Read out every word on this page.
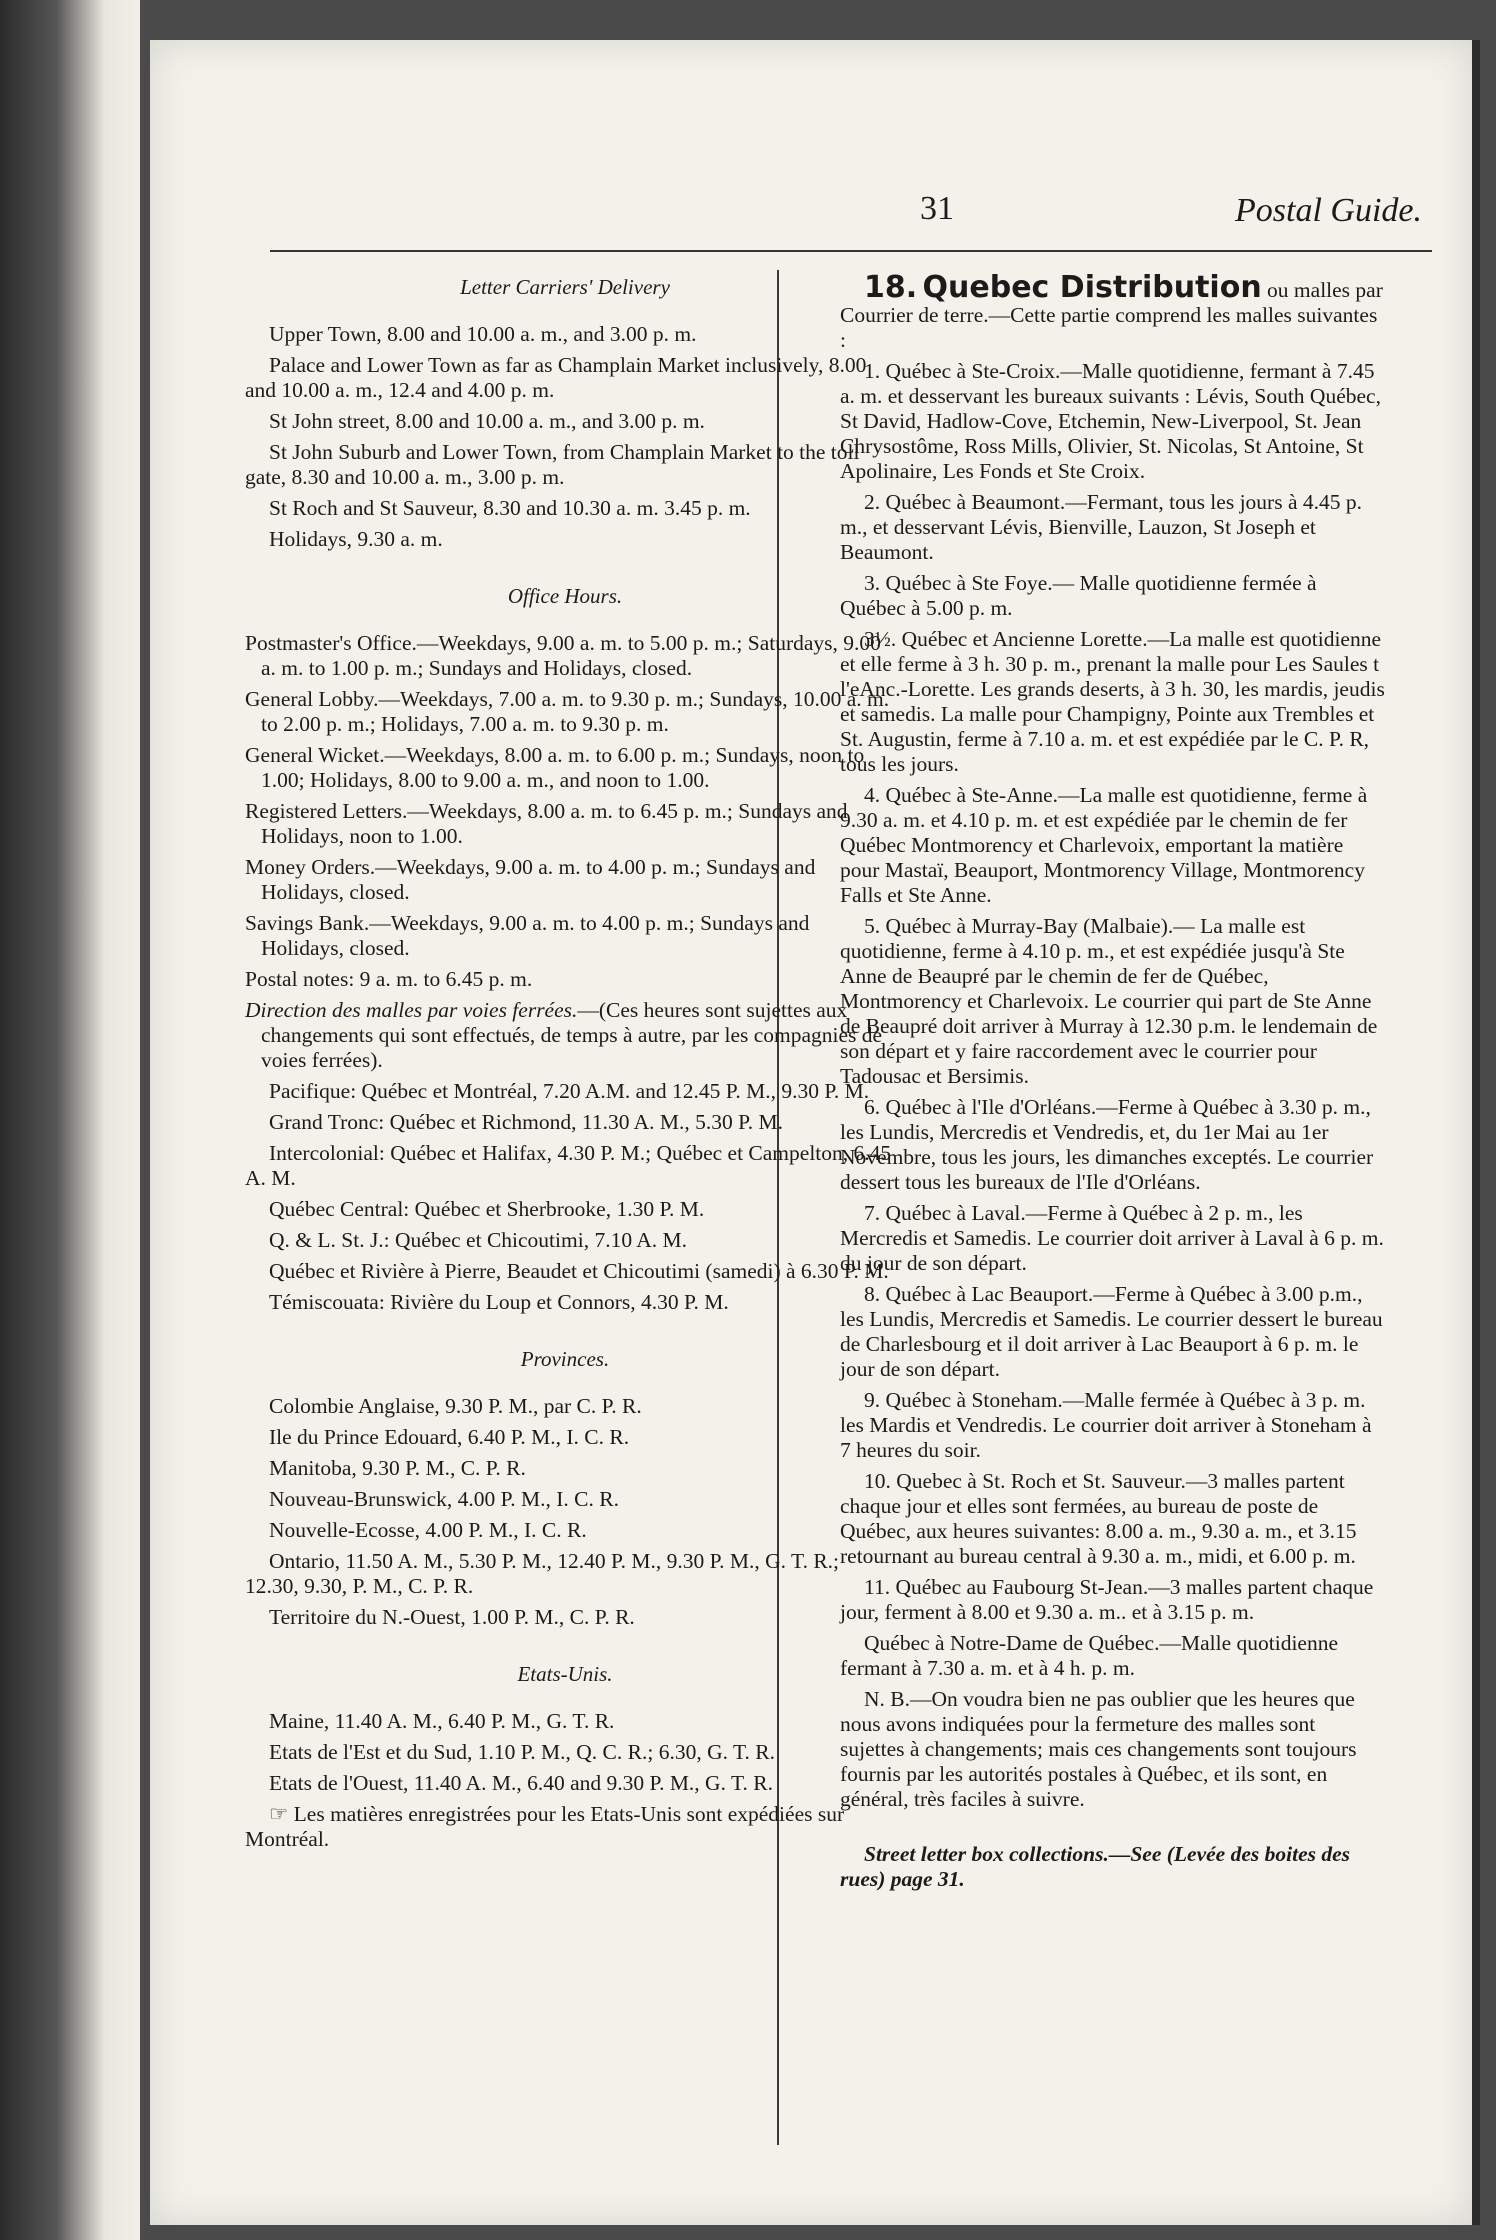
31	Postal Guide.
Letter Carriers' Delivery

Upper Town, 8.00 and 10.00 a. m., and 3.00 p. m.

Palace and Lower Town as far as Champlain Market inclusively, 8.00 and 10.00 a. m., 12.4 and 4.00 p. m.

St John street, 8.00 and 10.00 a. m., and 3.00 p. m.

St John Suburb and Lower Town, from Champlain Market to the toll gate, 8.30 and 10.00 a. m., 3.00 p. m.

St Roch and St Sauveur, 8.30 and 10.30 a. m. 3.45 p. m.

Holidays, 9.30 a. m.

Office Hours.

Postmaster's Office.—Weekdays, 9.00 a. m. to 5.00 p. m.; Saturdays, 9.00 a. m. to 1.00 p. m.; Sundays and Holidays, closed.

General Lobby.—Weekdays, 7.00 a. m. to 9.30 p. m.; Sundays, 10.00 a. m. to 2.00 p. m.; Holidays, 7.00 a. m. to 9.30 p. m.

General Wicket.—Weekdays, 8.00 a. m. to 6.00 p. m.; Sundays, noon to 1.00; Holidays, 8.00 to 9.00 a. m., and noon to 1.00.

Registered Letters.—Weekdays, 8.00 a. m. to 6.45 p. m.; Sundays and Holidays, noon to 1.00.

Money Orders.—Weekdays, 9.00 a. m. to 4.00 p. m.; Sundays and Holidays, closed.

Savings Bank.—Weekdays, 9.00 a. m. to 4.00 p. m.; Sundays and Holidays, closed.

Postal notes: 9 a. m. to 6.45 p. m.

Direction des malles par voies ferrées.—(Ces heures sont sujettes aux changements qui sont effectués, de temps à autre, par les compagnies de voies ferrées).

Pacifique: Québec et Montréal, 7.20 A.M. and 12.45 P. M., 9.30 P. M.

Grand Tronc: Québec et Richmond, 11.30 A. M., 5.30 P. M.

Intercolonial: Québec et Halifax, 4.30 P. M.; Québec et Campelton, 6.45 A. M.

Québec Central: Québec et Sherbrooke, 1.30 P. M.

Q. & L. St. J.: Québec et Chicoutimi, 7.10 A. M.

Québec et Rivière à Pierre, Beaudet et Chicoutimi (samedi) à 6.30 P. M.

Témiscouata: Rivière du Loup et Connors, 4.30 P. M.

Provinces.

Colombie Anglaise, 9.30 P. M., par C. P. R.

Ile du Prince Edouard, 6.40 P. M., I. C. R.

Manitoba, 9.30 P. M., C. P. R.

Nouveau-Brunswick, 4.00 P. M., I. C. R.

Nouvelle-Ecosse, 4.00 P. M., I. C. R.

Ontario, 11.50 A. M., 5.30 P. M., 12.40 P. M., 9.30 P. M., G. T. R.; 12.30, 9.30, P. M., C. P. R.

Territoire du N.-Ouest, 1.00 P. M., C. P. R.

Etats-Unis.

Maine, 11.40 A. M., 6.40 P. M., G. T. R.

Etats de l'Est et du Sud, 1.10 P. M., Q. C. R.; 6.30, G. T. R.

Etats de l'Ouest, 11.40 A. M., 6.40 and 9.30 P. M., G. T. R.

☞ Les matières enregistrées pour les Etats-Unis sont expédiées sur Montréal.

18. Quebec Distribution ou malles par Courrier de terre.—Cette partie comprend les malles suivantes :

1. Québec à Ste-Croix.—Malle quotidienne, fermant à 7.45 a. m. et desservant les bureaux suivants : Lévis, South Québec, St David, Hadlow-Cove, Etchemin, New-Liverpool, St. Jean Chrysostôme, Ross Mills, Olivier, St. Nicolas, St Antoine, St Apolinaire, Les Fonds et Ste Croix.

2. Québec à Beaumont.—Fermant, tous les jours à 4.45 p. m., et desservant Lévis, Bienville, Lauzon, St Joseph et Beaumont.

3. Québec à Ste Foye.— Malle quotidienne fermée à Québec à 5.00 p. m.

3½. Québec et Ancienne Lorette.—La malle est quotidienne et elle ferme à 3 h. 30 p. m., prenant la malle pour Les Saules t l'eAnc.-Lorette. Les grands deserts, à 3 h. 30, les mardis, jeudis et samedis. La malle pour Champigny, Pointe aux Trembles et St. Augustin, ferme à 7.10 a. m. et est expédiée par le C. P. R, tous les jours.

4. Québec à Ste-Anne.—La malle est quotidienne, ferme à 9.30 a. m. et 4.10 p. m. et est expédiée par le chemin de fer Québec Montmorency et Charlevoix, emportant la matière pour Mastaï, Beauport, Montmorency Village, Montmorency Falls et Ste Anne.

5. Québec à Murray-Bay (Malbaie).— La malle est quotidienne, ferme à 4.10 p. m., et est expédiée jusqu'à Ste Anne de Beaupré par le chemin de fer de Québec, Montmorency et Charlevoix. Le courrier qui part de Ste Anne de Beaupré doit arriver à Murray à 12.30 p.m. le lendemain de son départ et y faire raccordement avec le courrier pour Tadousac et Bersimis.

6. Québec à l'Ile d'Orléans.—Ferme à Québec à 3.30 p. m., les Lundis, Mercredis et Vendredis, et, du 1er Mai au 1er Novembre, tous les jours, les dimanches exceptés. Le courrier dessert tous les bureaux de l'Ile d'Orléans.

7. Québec à Laval.—Ferme à Québec à 2 p. m., les Mercredis et Samedis. Le courrier doit arriver à Laval à 6 p. m. du jour de son départ.

8. Québec à Lac Beauport.—Ferme à Québec à 3.00 p.m., les Lundis, Mercredis et Samedis. Le courrier dessert le bureau de Charlesbourg et il doit arriver à Lac Beauport à 6 p. m. le jour de son départ.

9. Québec à Stoneham.—Malle fermée à Québec à 3 p. m. les Mardis et Vendredis. Le courrier doit arriver à Stoneham à 7 heures du soir.

10. Quebec à St. Roch et St. Sauveur.—3 malles partent chaque jour et elles sont fermées, au bureau de poste de Québec, aux heures suivantes: 8.00 a. m., 9.30 a. m., et 3.15 retournant au bureau central à 9.30 a. m., midi, et 6.00 p. m.

11. Québec au Faubourg St-Jean.—3 malles partent chaque jour, ferment à 8.00 et 9.30 a. m.. et à 3.15 p. m.

Québec à Notre-Dame de Québec.—Malle quotidienne fermant à 7.30 a. m. et à 4 h. p. m.

N. B.—On voudra bien ne pas oublier que les heures que nous avons indiquées pour la fermeture des malles sont sujettes à changements; mais ces changements sont toujours fournis par les autorités postales à Québec, et ils sont, en général, très faciles à suivre.

Street letter box collections.—See (Levée des boites des rues) page 31.
